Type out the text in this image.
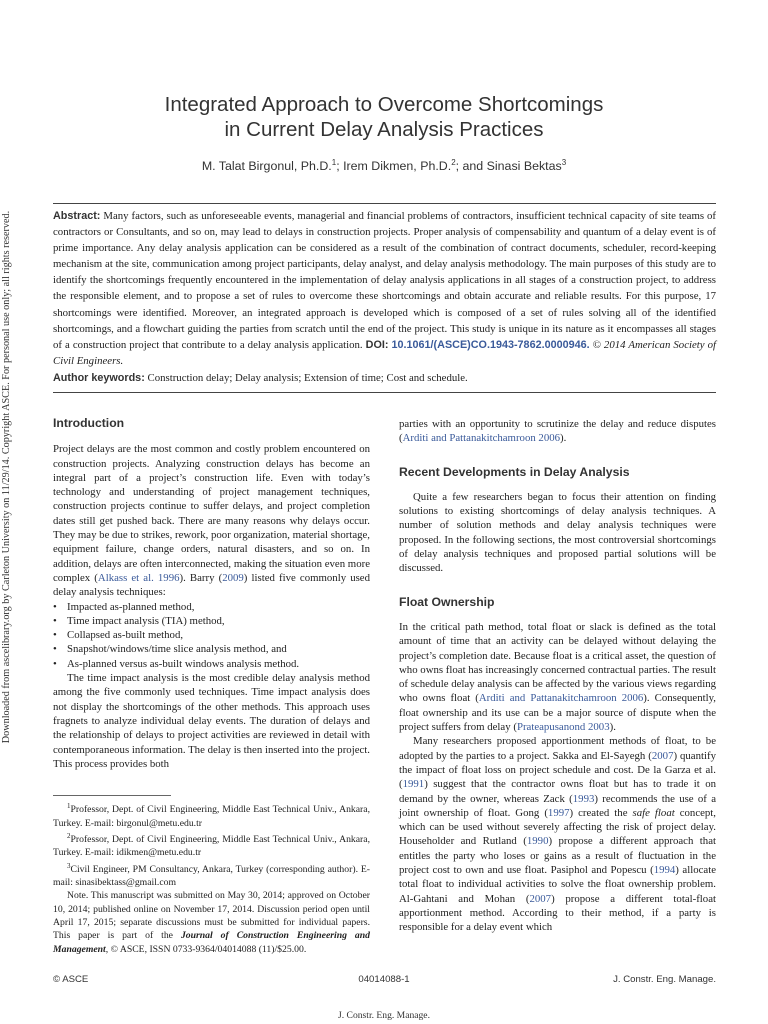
Downloaded from ascelibrary.org by Carleton University on 11/29/14. Copyright ASCE. For personal use only; all rights reserved.
Integrated Approach to Overcome Shortcomings
in Current Delay Analysis Practices
M. Talat Birgonul, Ph.D.$^1$; Irem Dikmen, Ph.D.$^2$; and Sinasi Bektas$^3$
Abstract: Many factors, such as unforeseeable events, managerial and financial problems of contractors, insufficient technical capacity of site teams of contractors or Consultants, and so on, may lead to delays in construction projects. Proper analysis of compensability and quantum of a delay event is of prime importance. Any delay analysis application can be considered as a result of the combination of contract documents, scheduler, record-keeping mechanism at the site, communication among project participants, delay analyst, and delay analysis methodology. The main purposes of this study are to identify the shortcomings frequently encountered in the implementation of delay analysis applications in all stages of a construction project, to address the responsible element, and to propose a set of rules to overcome these shortcomings and obtain accurate and reliable results. For this purpose, 17 shortcomings were identified. Moreover, an integrated approach is developed which is composed of a set of rules solving all of the identified shortcomings, and a flowchart guiding the parties from scratch until the end of the project. This study is unique in its nature as it encompasses all stages of a construction project that contribute to a delay analysis application. DOI: 10.1061/(ASCE)CO.1943-7862.0000946. © 2014 American Society of Civil Engineers.
Author keywords: Construction delay; Delay analysis; Extension of time; Cost and schedule.
Introduction

Project delays are the most common and costly problem encountered on construction projects. Analyzing construction delays has become an integral part of a project’s construction life. Even with today’s technology and understanding of project management techniques, construction projects continue to suffer delays, and project completion dates still get pushed back. There are many reasons why delays occur. They may be due to strikes, rework, poor organization, material shortage, equipment failure, change orders, natural disasters, and so on. In addition, delays are often interconnected, making the situation even more complex (Alkass et al. 1996). Barry (2009) listed five commonly used delay analysis techniques:

• Impacted as-planned method,
• Time impact analysis (TIA) method,
• Collapsed as-built method,
• Snapshot/windows/time slice analysis method, and
• As-planned versus as-built windows analysis method.

The time impact analysis is the most credible delay analysis method among the five commonly used techniques. Time impact analysis does not display the shortcomings of the other methods. This approach uses fragnets to analyze individual delay events. The duration of delays and the relationship of delays to project activities are reviewed in detail with contemporaneous information. The delay is then inserted into the project. This process provides both

$^1$Professor, Dept. of Civil Engineering, Middle East Technical Univ., Ankara, Turkey. E-mail: birgonul@metu.edu.tr

$^2$Professor, Dept. of Civil Engineering, Middle East Technical Univ., Ankara, Turkey. E-mail: idikmen@metu.edu.tr

$^3$Civil Engineer, PM Consultancy, Ankara, Turkey (corresponding author). E-mail: sinasibektass@gmail.com

Note. This manuscript was submitted on May 30, 2014; approved on October 10, 2014; published online on November 17, 2014. Discussion period open until April 17, 2015; separate discussions must be submitted for individual papers. This paper is part of the Journal of Construction Engineering and Management, © ASCE, ISSN 0733-9364/04014088 (11)/$25.00.

parties with an opportunity to scrutinize the delay and reduce disputes (Arditi and Pattanakitchamroon 2006).

Recent Developments in Delay Analysis

Quite a few researchers began to focus their attention on finding solutions to existing shortcomings of delay analysis techniques. A number of solution methods and delay analysis techniques were proposed. In the following sections, the most controversial shortcomings of delay analysis techniques and proposed partial solutions will be discussed.

Float Ownership

In the critical path method, total float or slack is defined as the total amount of time that an activity can be delayed without delaying the project’s completion date. Because float is a critical asset, the question of who owns float has increasingly concerned contractual parties. The result of schedule delay analysis can be affected by the various views regarding who owns float (Arditi and Pattanakitchamroon 2006). Consequently, float ownership and its use can be a major source of dispute when the project suffers from delay (Prateapusanond 2003).

Many researchers proposed apportionment methods of float, to be adopted by the parties to a project. Sakka and El-Sayegh (2007) quantify the impact of float loss on project schedule and cost. De la Garza et al. (1991) suggest that the contractor owns float but has to trade it on demand by the owner, whereas Zack (1993) recommends the use of a joint ownership of float. Gong (1997) created the safe float concept, which can be used without severely affecting the risk of project delay. Householder and Rutland (1990) propose a different approach that entitles the party who loses or gains as a result of fluctuation in the project cost to own and use float. Pasiphol and Popescu (1994) allocate total float to individual activities to solve the float ownership problem. Al-Gahtani and Mohan (2007) propose a different total-float apportionment method. According to their method, if a party is responsible for a delay event which

© ASCE	04014088-1	J. Constr. Eng. Manage.
J. Constr. Eng. Manage.
